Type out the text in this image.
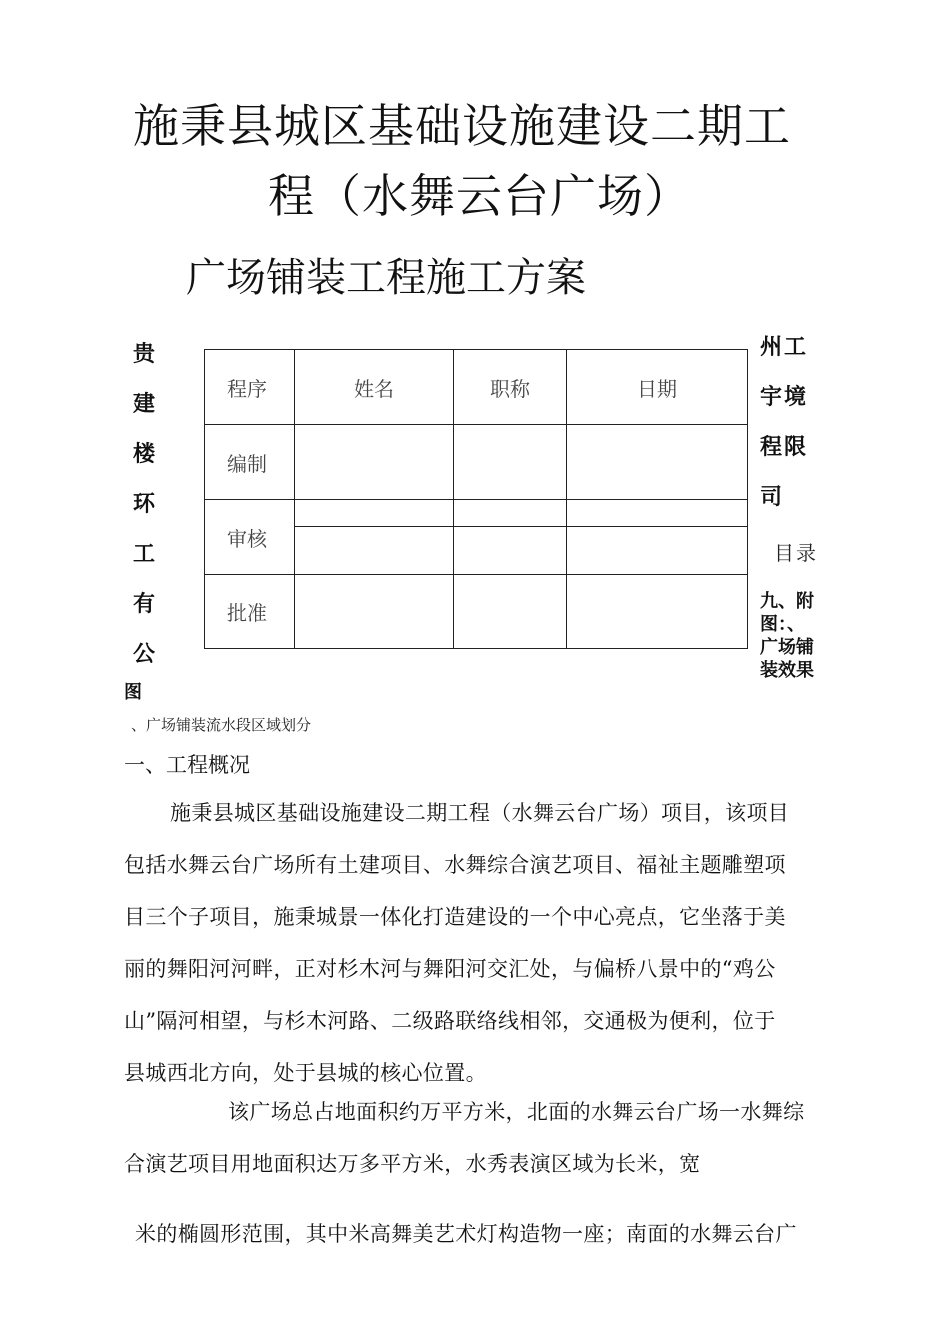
施秉县城区基础设施建设二期工
程（水舞云台广场）
广场铺装工程施工方案
贵
建
楼
环
工
有
公
图
州工
宇境
程限
司
目录
九、附
图：、
广场铺
装效果
程序	姓名	职称	日期
编制			
审核			

批准			
、广场铺装流水段区域划分
一、工程概况
施秉县城区基础设施建设二期工程（水舞云台广场）项目，该项目
包括水舞云台广场所有土建项目、水舞综合演艺项目、福祉主题雕塑项
目三个子项目，施秉城景一体化打造建设的一个中心亮点，它坐落于美
丽的舞阳河河畔，正对杉木河与舞阳河交汇处，与偏桥八景中的“鸡公
山”隔河相望，与杉木河路、二级路联络线相邻，交通极为便利，位于
县城西北方向，处于县城的核心位置。
该广场总占地面积约万平方米，北面的水舞云台广场一水舞综
合演艺项目用地面积达万多平方米，水秀表演区域为长米，宽
米的椭圆形范围，其中米高舞美艺术灯构造物一座；南面的水舞云台广
